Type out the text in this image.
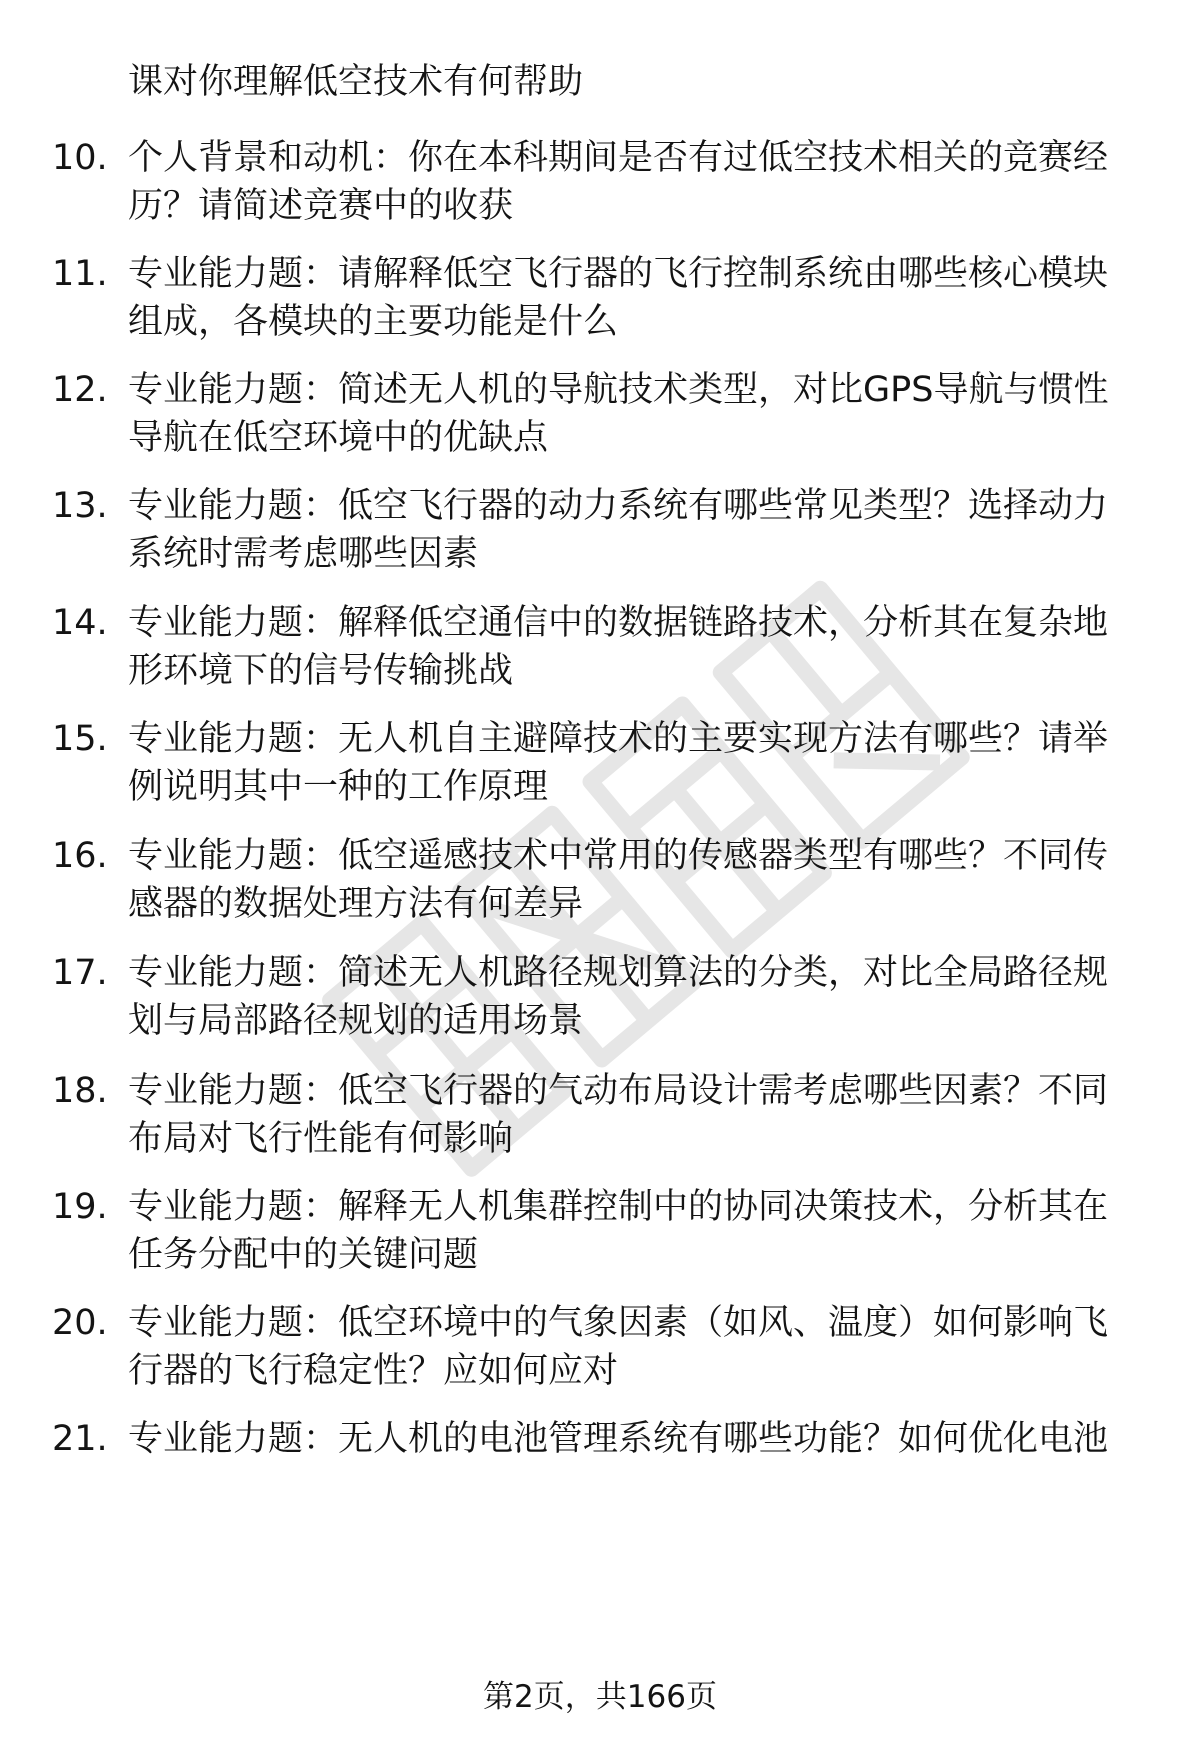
课对你理解低空技术有何帮助
10. 个人背景和动机：你在本科期间是否有过低空技术相关的竞赛经
历？请简述竞赛中的收获
11. 专业能力题：请解释低空飞行器的飞行控制系统由哪些核心模块
组成，各模块的主要功能是什么
12. 专业能力题：简述无人机的导航技术类型，对比GPS导航与惯性
导航在低空环境中的优缺点
13. 专业能力题：低空飞行器的动力系统有哪些常见类型？选择动力
系统时需考虑哪些因素
14. 专业能力题：解释低空通信中的数据链路技术，分析其在复杂地
形环境下的信号传输挑战
15. 专业能力题：无人机自主避障技术的主要实现方法有哪些？请举
例说明其中一种的工作原理
16. 专业能力题：低空遥感技术中常用的传感器类型有哪些？不同传
感器的数据处理方法有何差异
17. 专业能力题：简述无人机路径规划算法的分类，对比全局路径规
划与局部路径规划的适用场景
18. 专业能力题：低空飞行器的气动布局设计需考虑哪些因素？不同
布局对飞行性能有何影响
19. 专业能力题：解释无人机集群控制中的协同决策技术，分析其在
任务分配中的关键问题
20. 专业能力题：低空环境中的气象因素（如风、温度）如何影响飞
行器的飞行稳定性？应如何应对
21. 专业能力题：无人机的电池管理系统有哪些功能？如何优化电池
第2页，共166页
